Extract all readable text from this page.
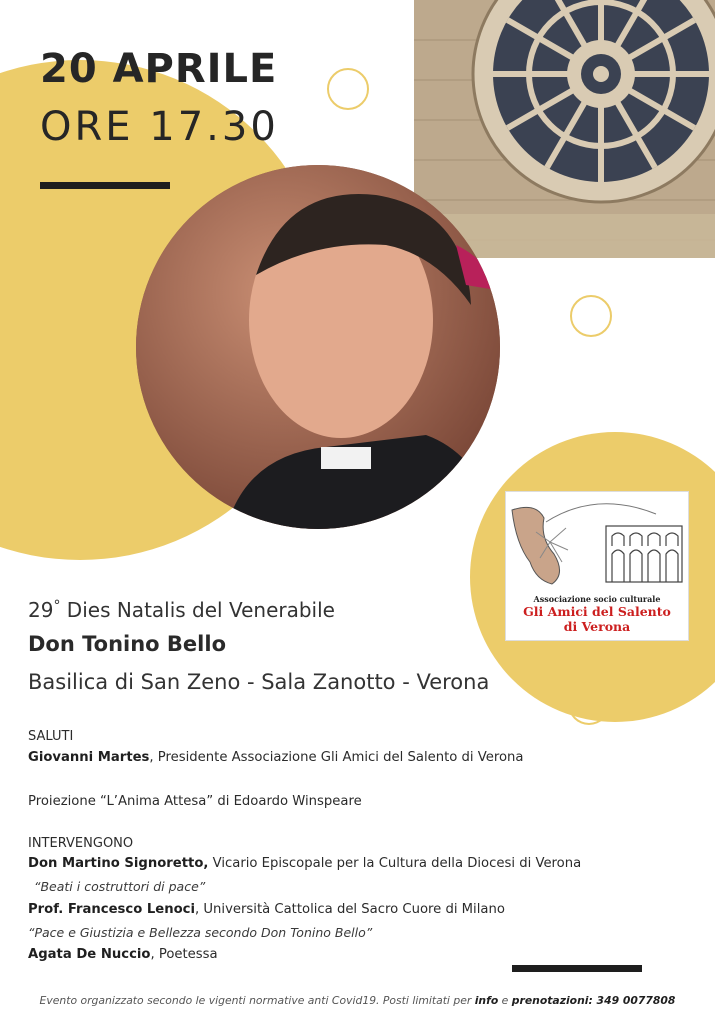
20 APRILE
ORE 17.30
Associazione socio culturale
Gli Amici del Salento
di Verona
29° Dies Natalis del Venerabile
Don Tonino Bello
Basilica di San Zeno - Sala Zanotto - Verona
SALUTI
Giovanni Martes, Presidente Associazione Gli Amici del Salento di Verona
Proiezione “L’Anima Attesa” di Edoardo Winspeare
INTERVENGONO
Don Martino Signoretto, Vicario Episcopale per la Cultura della Diocesi di Verona
“Beati i costruttori di pace”
Prof. Francesco Lenoci, Università Cattolica del Sacro Cuore di Milano
“Pace e Giustizia e Bellezza secondo Don Tonino Bello”
Agata De Nuccio, Poetessa
Evento organizzato secondo le vigenti normative anti Covid19. Posti limitati per info e prenotazioni: 349 0077808
